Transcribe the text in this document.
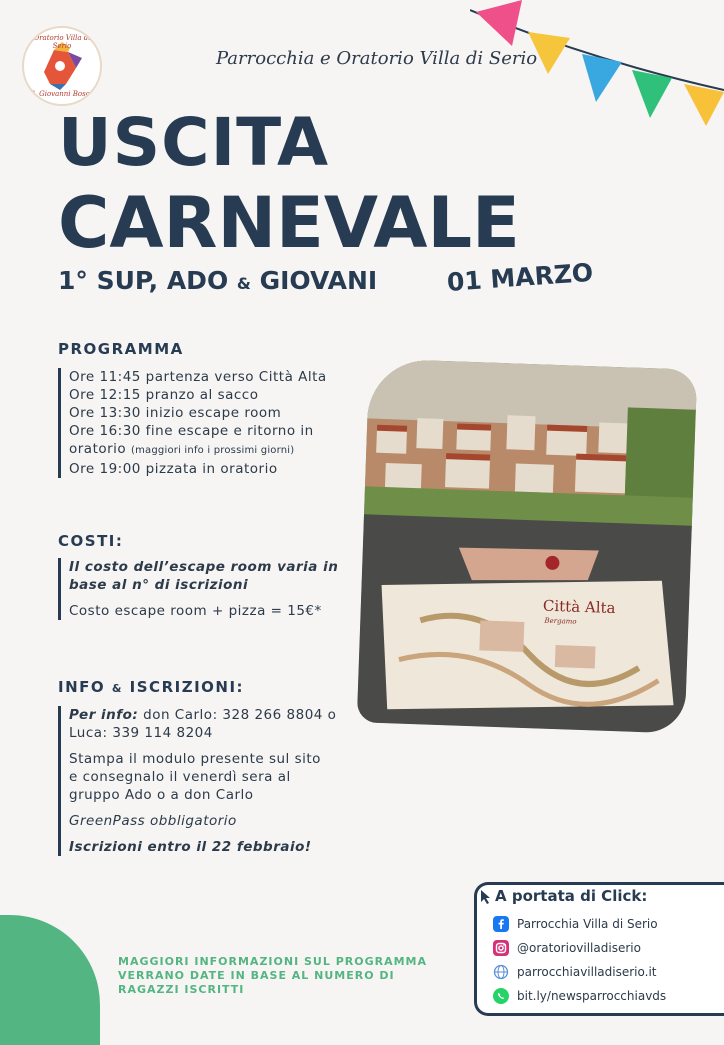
Oratorio Villa di Serio
S. Giovanni Bosco
Parrocchia e Oratorio Villa di Serio
USCITA
CARNEVALE
1° SUP, ADO & GIOVANI	01 MARZO
PROGRAMMA
Ore 11:45 partenza verso Città Alta
Ore 12:15 pranzo al sacco
Ore 13:30 inizio escape room
Ore 16:30 fine escape e ritorno in
oratorio (maggiori info i prossimi giorni)
Ore 19:00 pizzata in oratorio
COSTI:
Il costo dell’escape room varia in
base al n° di iscrizioni
Costo escape room + pizza = 15€*
INFO & ISCRIZIONI:
Per info: don Carlo: 328 266 8804 o
Luca: 339 114 8204
Stampa il modulo presente sul sito
e consegnalo il venerdì sera al
gruppo Ado o a don Carlo
GreenPass obbligatorio
Iscrizioni entro il 22 febbraio!
Città Alta
Bergamo
MAGGIORI INFORMAZIONI SUL PROGRAMMA VERRANO DATE IN BASE AL NUMERO DI RAGAZZI ISCRITTI
A portata di Click:
Parrocchia Villa di Serio
@oratoriovilladiserio
parrocchiavilladiserio.it
bit.ly/newsparrocchiavds
